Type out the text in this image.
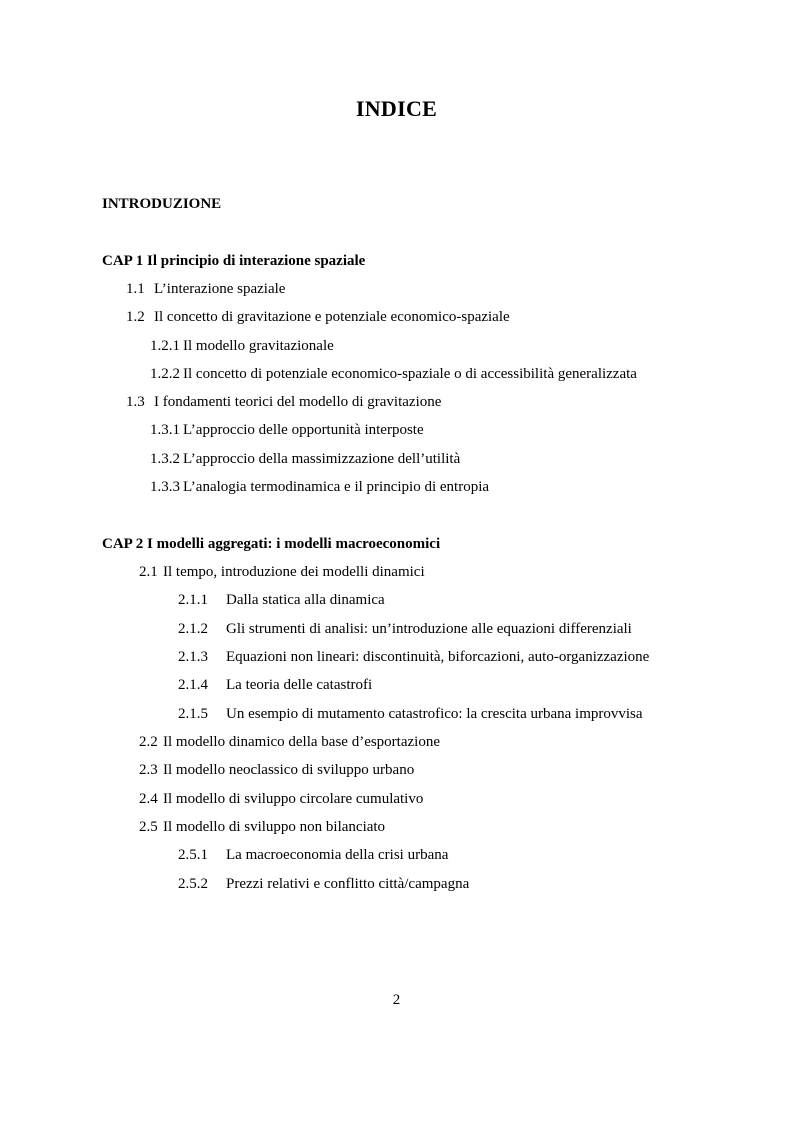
INDICE
INTRODUZIONE
CAP 1 Il principio di interazione spaziale
1.1 L’interazione spaziale
1.2 Il concetto di gravitazione e potenziale economico-spaziale
1.2.1 Il modello gravitazionale
1.2.2 Il concetto di potenziale economico-spaziale o di accessibilità generalizzata
1.3 I fondamenti teorici del modello di gravitazione
1.3.1 L’approccio delle opportunità interposte
1.3.2 L’approccio della massimizzazione dell’utilità
1.3.3 L’analogia termodinamica e il principio di entropia
CAP 2 I modelli aggregati: i modelli macroeconomici
2.1 Il tempo, introduzione dei modelli dinamici
2.1.1 Dalla statica alla dinamica
2.1.2 Gli strumenti di analisi: un’introduzione alle equazioni differenziali
2.1.3 Equazioni non lineari: discontinuità, biforcazioni, auto-organizzazione
2.1.4 La teoria delle catastrofi
2.1.5 Un esempio di mutamento catastrofico: la crescita urbana improvvisa
2.2 Il modello dinamico della base d’esportazione
2.3 Il modello neoclassico di sviluppo urbano
2.4 Il modello di sviluppo circolare cumulativo
2.5 Il modello di sviluppo non bilanciato
2.5.1 La macroeconomia della crisi urbana
2.5.2 Prezzi relativi e conflitto città/campagna
2
